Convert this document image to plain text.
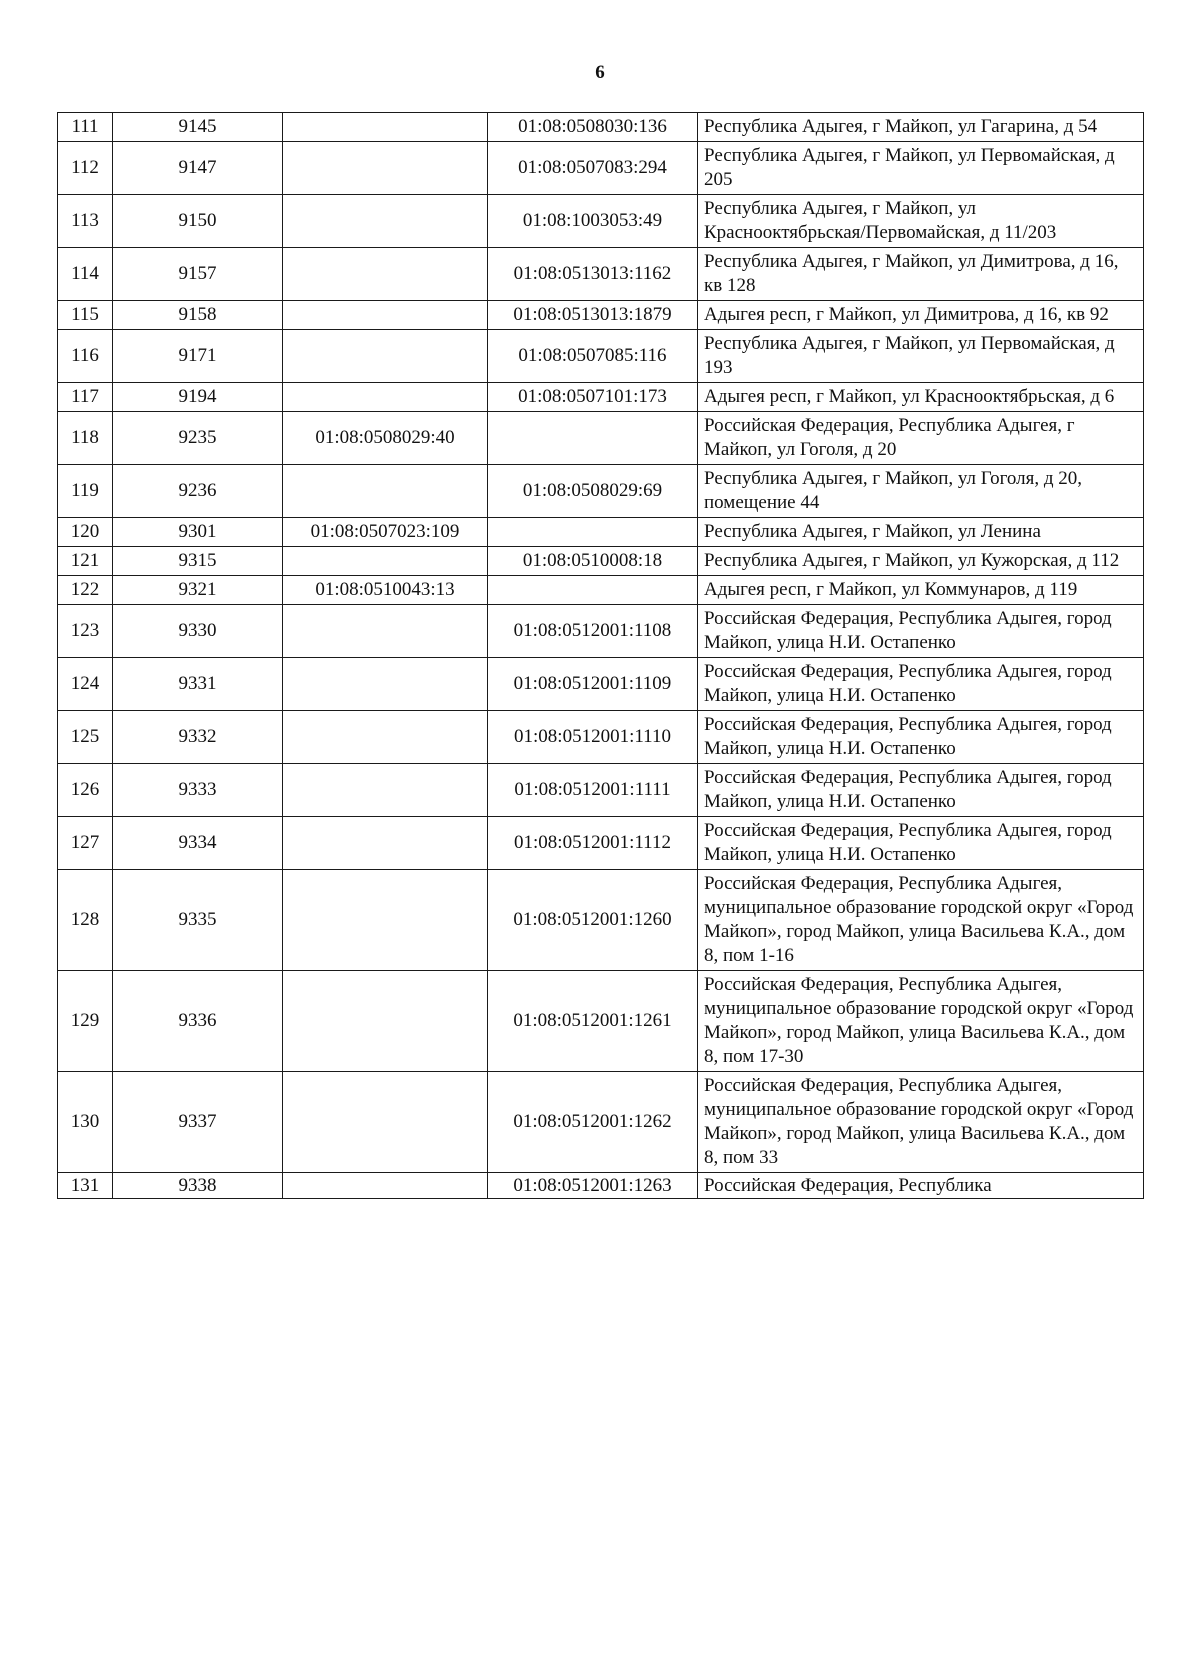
6
111	9145		01:08:0508030:136	Республика Адыгея, г Майкоп, ул Гагарина, д 54
112	9147		01:08:0507083:294	Республика Адыгея, г Майкоп, ул Первомайская, д 205
113	9150		01:08:1003053:49	Республика Адыгея, г Майкоп, ул Краснооктябрьская/Первомайская, д 11/203
114	9157		01:08:0513013:1162	Республика Адыгея, г Майкоп, ул Димитрова, д 16, кв 128
115	9158		01:08:0513013:1879	Адыгея респ, г Майкоп, ул Димитрова, д 16, кв 92
116	9171		01:08:0507085:116	Республика Адыгея, г Майкоп, ул Первомайская, д 193
117	9194		01:08:0507101:173	Адыгея респ, г Майкоп, ул Краснооктябрьская, д 6
118	9235	01:08:0508029:40		Российская Федерация, Республика Адыгея, г Майкоп, ул Гоголя, д 20
119	9236		01:08:0508029:69	Республика Адыгея, г Майкоп, ул Гоголя, д 20, помещение 44
120	9301	01:08:0507023:109		Республика Адыгея, г Майкоп, ул Ленина
121	9315		01:08:0510008:18	Республика Адыгея, г Майкоп, ул Кужорская, д 112
122	9321	01:08:0510043:13		Адыгея респ, г Майкоп, ул Коммунаров, д 119
123	9330		01:08:0512001:1108	Российская Федерация, Республика Адыгея, город Майкоп, улица Н.И. Остапенко
124	9331		01:08:0512001:1109	Российская Федерация, Республика Адыгея, город Майкоп, улица Н.И. Остапенко
125	9332		01:08:0512001:1110	Российская Федерация, Республика Адыгея, город Майкоп, улица Н.И. Остапенко
126	9333		01:08:0512001:1111	Российская Федерация, Республика Адыгея, город Майкоп, улица Н.И. Остапенко
127	9334		01:08:0512001:1112	Российская Федерация, Республика Адыгея, город Майкоп, улица Н.И. Остапенко
128	9335		01:08:0512001:1260	Российская Федерация, Республика Адыгея, муниципальное образование городской округ «Город Майкоп», город Майкоп, улица Васильева К.А., дом 8, пом 1-16
129	9336		01:08:0512001:1261	Российская Федерация, Республика Адыгея, муниципальное образование городской округ «Город Майкоп», город Майкоп, улица Васильева К.А., дом 8, пом 17-30
130	9337		01:08:0512001:1262	Российская Федерация, Республика Адыгея, муниципальное образование городской округ «Город Майкоп», город Майкоп, улица Васильева К.А., дом 8, пом 33
131	9338		01:08:0512001:1263	Российская Федерация, Республика
